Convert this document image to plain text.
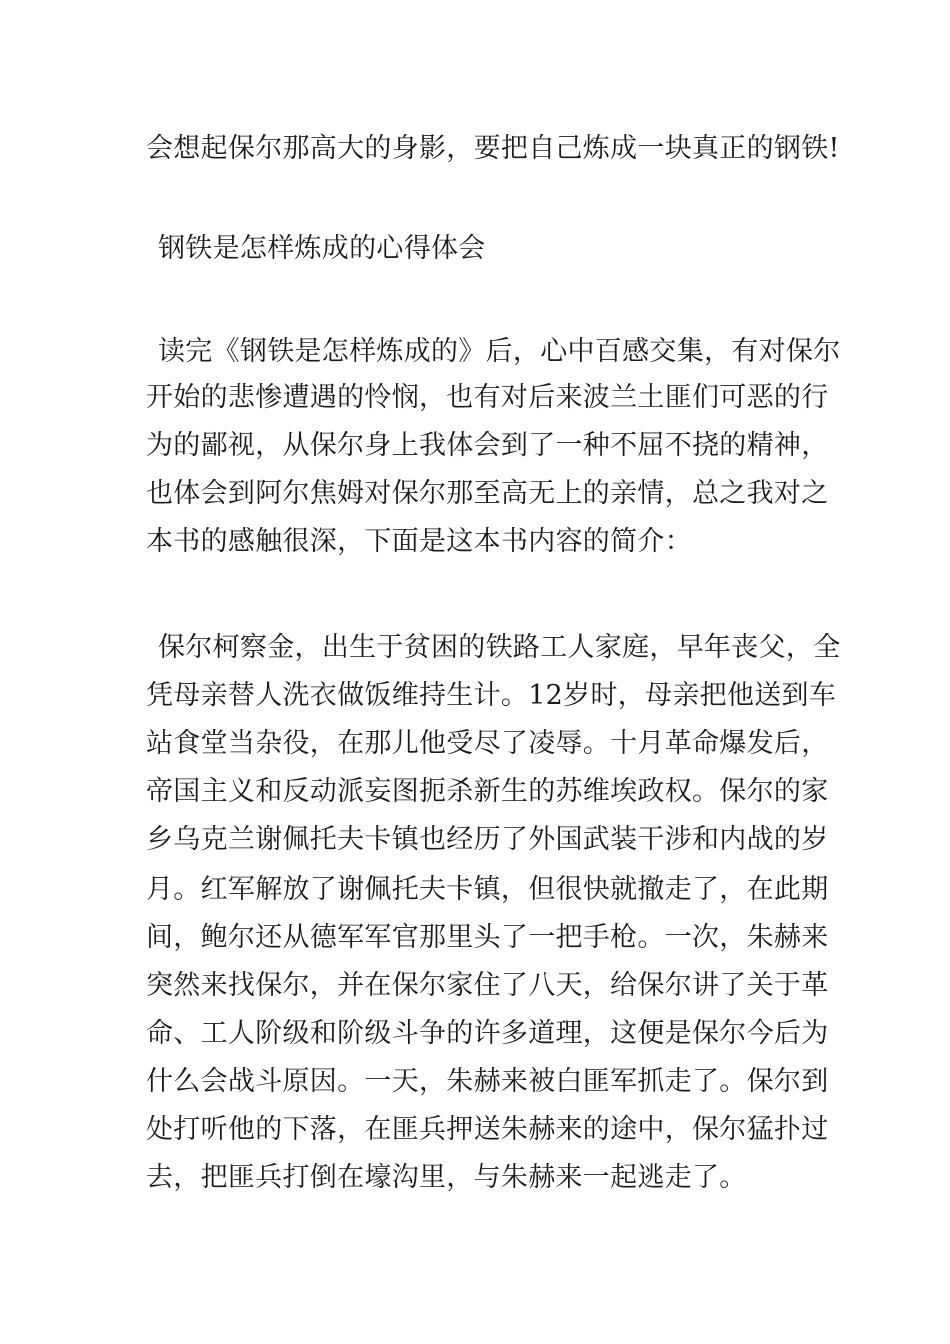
会想起保尔那高大的身影，要把自己炼成一块真正的钢铁!
钢铁是怎样炼成的心得体会
读完《钢铁是怎样炼成的》后，心中百感交集，有对保尔
开始的悲惨遭遇的怜悯，也有对后来波兰土匪们可恶的行
为的鄙视，从保尔身上我体会到了一种不屈不挠的精神，
也体会到阿尔焦姆对保尔那至高无上的亲情，总之我对之
本书的感触很深，下面是这本书内容的简介：
保尔柯察金，出生于贫困的铁路工人家庭，早年丧父，全
凭母亲替人洗衣做饭维持生计。12岁时，母亲把他送到车
站食堂当杂役，在那儿他受尽了凌辱。十月革命爆发后，
帝国主义和反动派妄图扼杀新生的苏维埃政权。保尔的家
乡乌克兰谢佩托夫卡镇也经历了外国武装干涉和内战的岁
月。红军解放了谢佩托夫卡镇，但很快就撤走了，在此期
间，鲍尔还从德军军官那里头了一把手枪。一次，朱赫来
突然来找保尔，并在保尔家住了八天，给保尔讲了关于革
命、工人阶级和阶级斗争的许多道理，这便是保尔今后为
什么会战斗原因。一天，朱赫来被白匪军抓走了。保尔到
处打听他的下落，在匪兵押送朱赫来的途中，保尔猛扑过
去，把匪兵打倒在壕沟里，与朱赫来一起逃走了。
